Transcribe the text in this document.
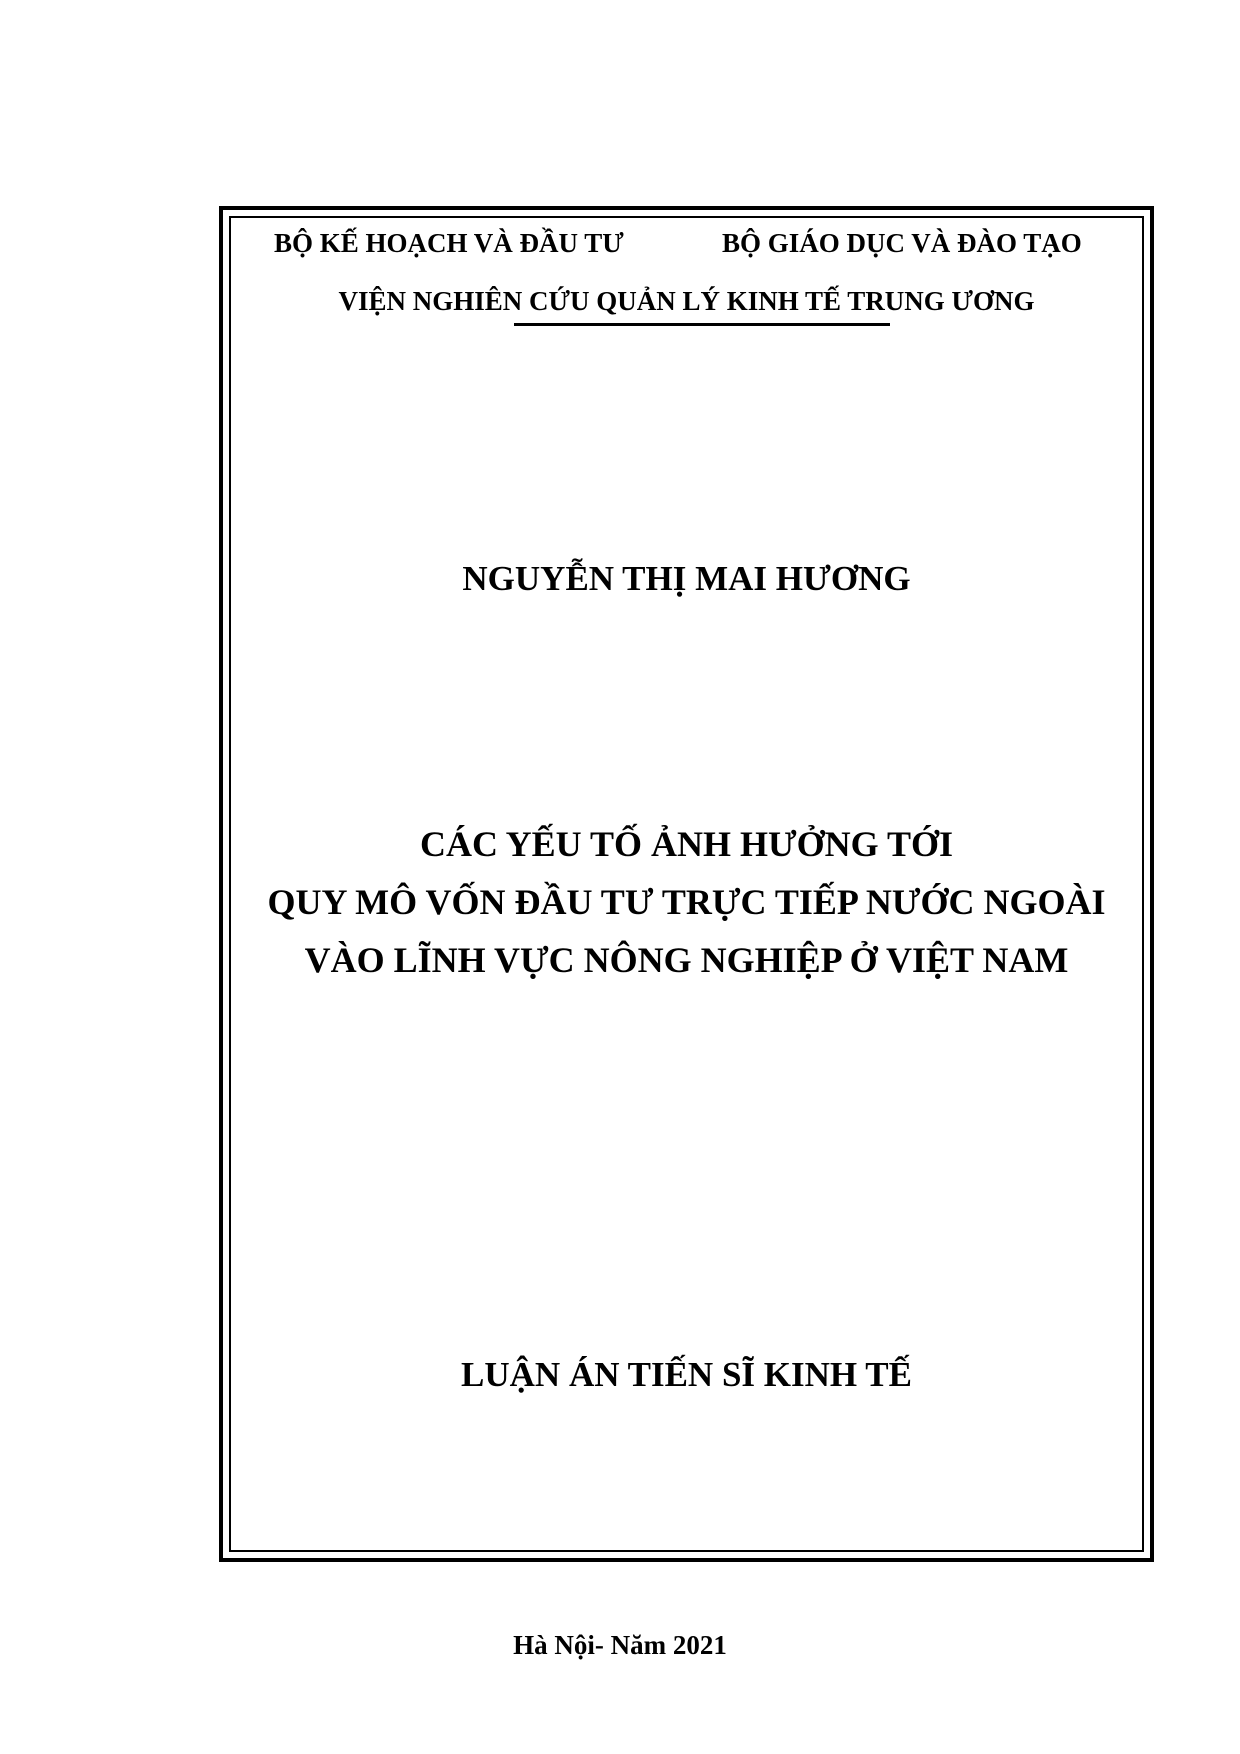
BỘ KẾ HOẠCH VÀ ĐẦU TƯ	BỘ GIÁO DỤC VÀ ĐÀO TẠO
VIỆN NGHIÊN CỨU QUẢN LÝ KINH TẾ TRUNG ƯƠNG
NGUYỄN THỊ MAI HƯƠNG
CÁC YẾU TỐ ẢNH HƯỞNG TỚI
QUY MÔ VỐN ĐẦU TƯ TRỰC TIẾP NƯỚC NGOÀI
VÀO LĨNH VỰC NÔNG NGHIỆP Ở VIỆT NAM
LUẬN ÁN TIẾN SĨ KINH TẾ
Hà Nội- Năm 2021
